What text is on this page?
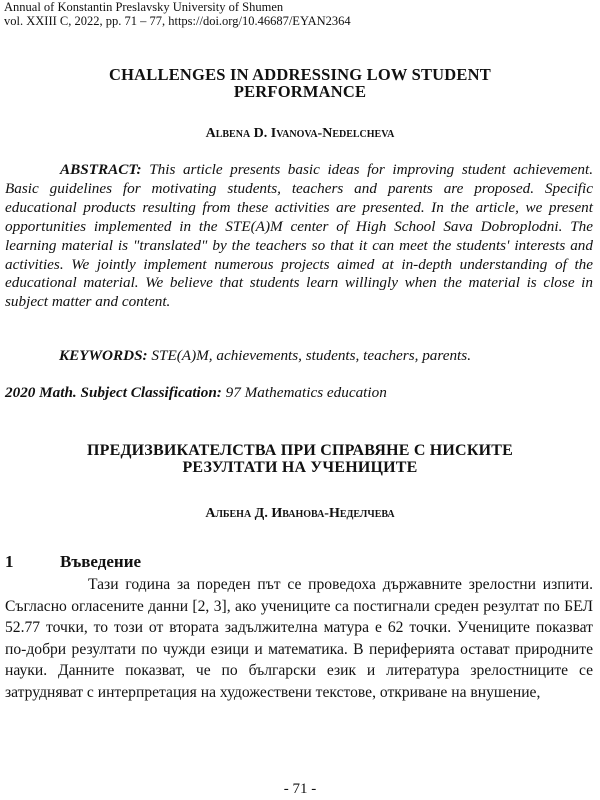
Annual of Konstantin Preslavsky University of Shumen
vol. XXIII C, 2022, pp. 71 – 77, https://doi.org/10.46687/EYAN2364
CHALLENGES IN ADDRESSING LOW STUDENT
PERFORMANCE
Albena D. Ivanova-Nedelcheva
ABSTRACT: This article presents basic ideas for improving student achievement. Basic guidelines for motivating students, teachers and parents are proposed. Specific educational products resulting from these activities are presented. In the article, we present opportunities implemented in the STE(A)M center of High School Sava Dobroplodni. The learning material is "translated" by the teachers so that it can meet the students' interests and activities. We jointly implement numerous projects aimed at in-depth understanding of the educational material. We believe that students learn willingly when the material is close in subject matter and content.
KEYWORDS: STE(A)M, achievements, students, teachers, parents.
2020 Math. Subject Classification: 97 Mathematics education
ПРЕДИЗВИКАТЕЛСТВА ПРИ СПРАВЯНЕ С НИСКИТЕ
РЕЗУЛТАТИ НА УЧЕНИЦИТЕ
Албена Д. Иванова-Неделчева
1	Въведение
Тази година за пореден път се проведоха държавните зрелостни изпити. Съгласно огласените данни [2, 3], ако учениците са постигнали среден резултат по БЕЛ 52.77 точки, то този от втората задължителна матура е 62 точки. Учениците показват по-добри резултати по чужди езици и математика. В периферията остават природните науки. Данните показват, че по български език и литература зрелостниците се затрудняват с интерпретация на художествени текстове, откриване на внушение,
- 71 -
